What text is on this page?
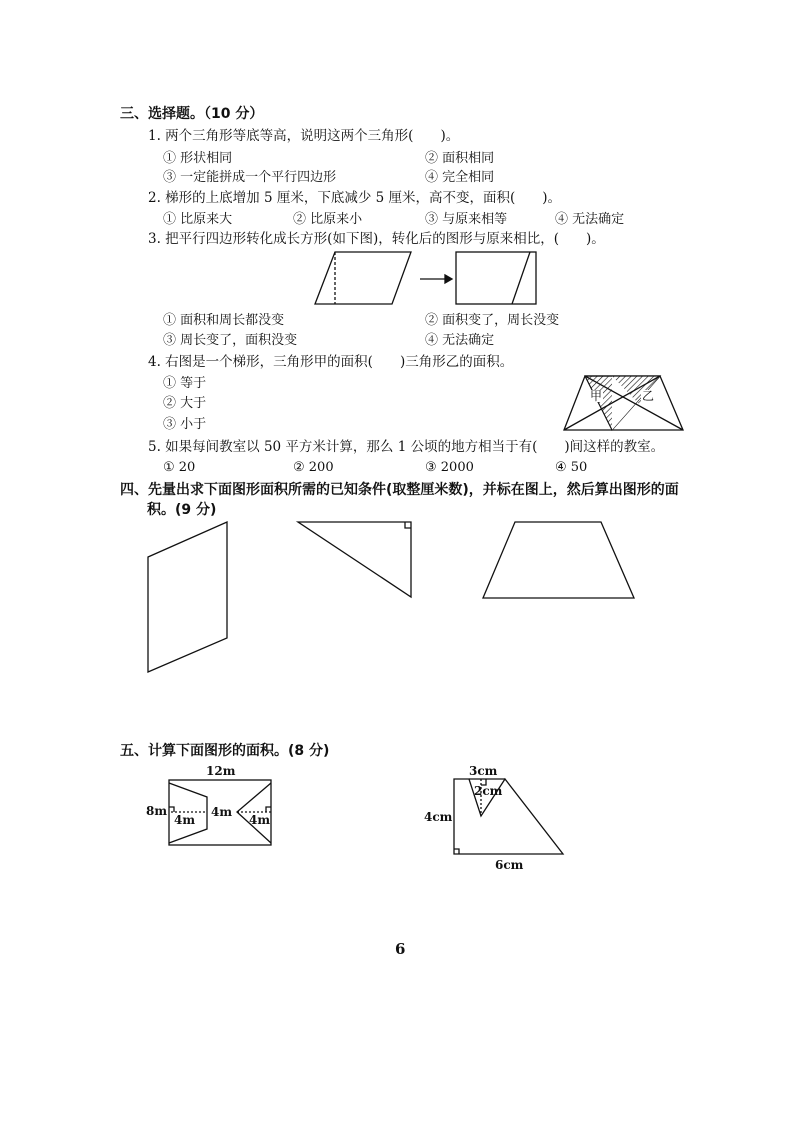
三、选择题。（10 分）
1. 两个三角形等底等高，说明这两个三角形(　　)。
① 形状相同	② 面积相同
③ 一定能拼成一个平行四边形	④ 完全相同
2. 梯形的上底增加 5 厘米，下底减少 5 厘米，高不变，面积(　　)。
① 比原来大	② 比原来小	③ 与原来相等	④ 无法确定
3. 把平行四边形转化成长方形(如下图)，转化后的图形与原来相比，(　　)。
① 面积和周长都没变	② 面积变了，周长没变
③ 周长变了，面积没变	④ 无法确定
4. 右图是一个梯形，三角形甲的面积(　　)三角形乙的面积。
① 等于
② 大于
③ 小于
甲	乙
5. 如果每间教室以 50 平方米计算，那么 1 公顷的地方相当于有(　　)间这样的教室。
① 20	② 200	③ 2000	④ 50
四、先量出求下面图形面积所需的已知条件(取整厘米数)，并标在图上，然后算出图形的面
积。(9 分)
五、计算下面图形的面积。(8 分)
12m
8m	4m
4m	4m
3cm
2cm
4cm
6cm
6
